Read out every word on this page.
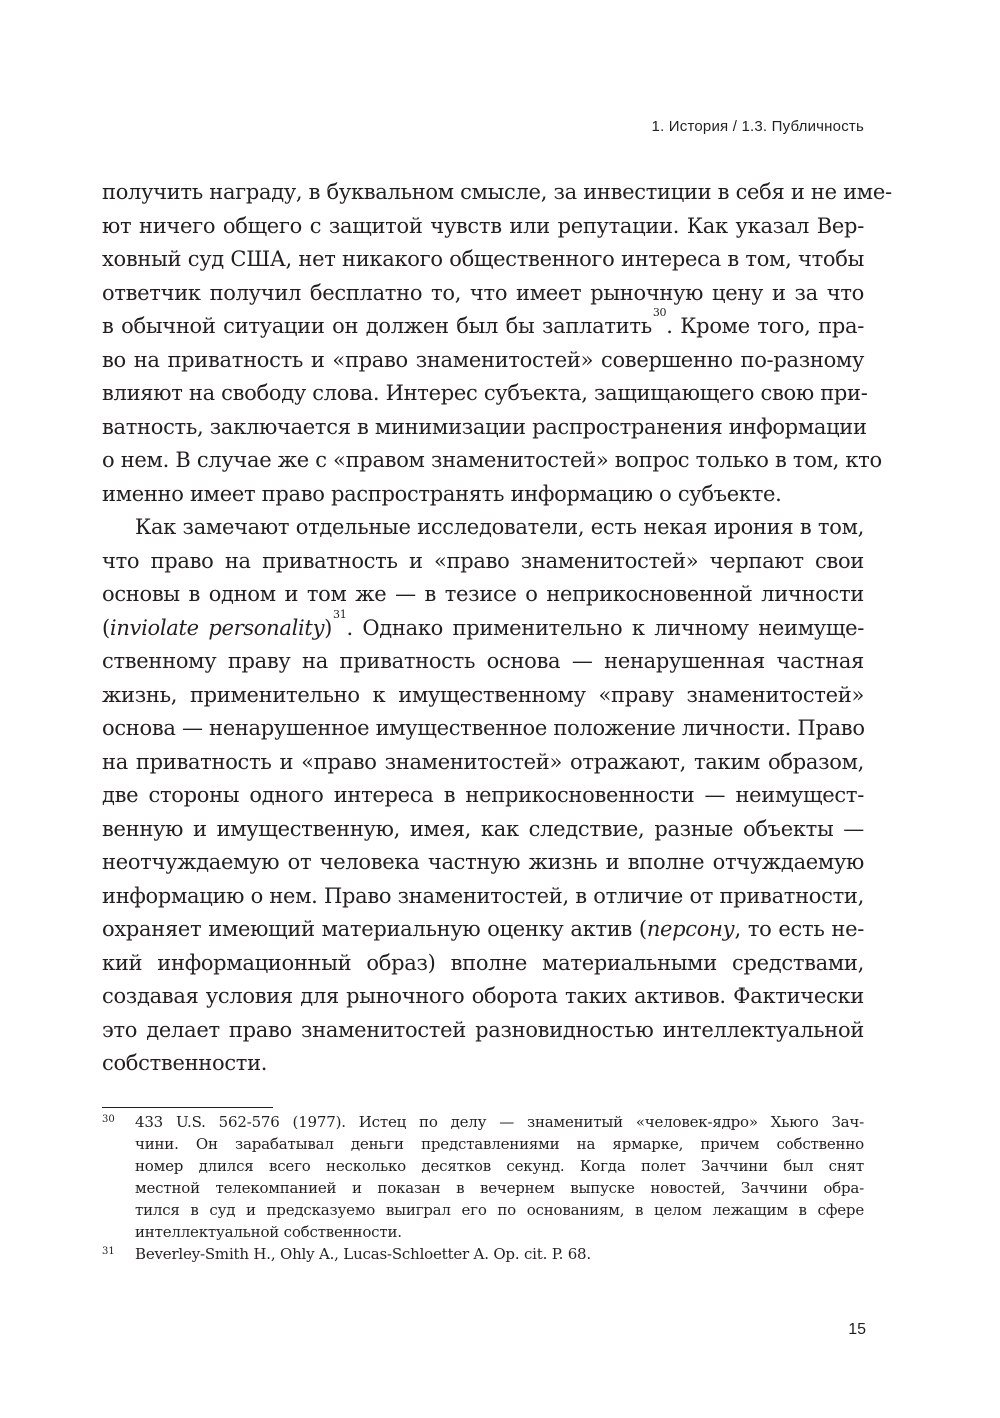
1. История / 1.3. Публичность
получить награду, в буквальном смысле, за инвестиции в себя и не име-
ют ничего общего с защитой чувств или репутации. Как указал Вер-
ховный суд США, нет никакого общественного интереса в том, чтобы
ответчик получил бесплатно то, что имеет рыночную цену и за что
в обычной ситуации он должен был бы заплатить$^{30}$. Кроме того, пра-
во на приватность и «право знаменитостей» совершенно по-разному
влияют на свободу слова. Интерес субъекта, защищающего свою при-
ватность, заключается в минимизации распространения информации
о нем. В случае же с «правом знаменитостей» вопрос только в том, кто
именно имеет право распространять информацию о субъекте.
Как замечают отдельные исследователи, есть некая ирония в том,
что право на приватность и «право знаменитостей» черпают свои
основы в одном и том же — в тезисе о неприкосновенной личности
(inviolate personality)$^{31}$. Однако применительно к личному неимуще-
ственному праву на приватность основа — ненарушенная частная
жизнь, применительно к имущественному «праву знаменитостей»
основа — ненарушенное имущественное положение личности. Право
на приватность и «право знаменитостей» отражают, таким образом,
две стороны одного интереса в неприкосновенности — неимущест-
венную и имущественную, имея, как следствие, разные объекты —
неотчуждаемую от человека частную жизнь и вполне отчуждаемую
информацию о нем. Право знаменитостей, в отличие от приватности,
охраняет имеющий материальную оценку актив (персону, то есть не-
кий информационный образ) вполне материальными средствами,
создавая условия для рыночного оборота таких активов. Фактически
это делает право знаменитостей разновидностью интеллектуальной
собственности.
30 433 U.S. 562-576 (1977). Истец по делу — знаменитый «человек-ядро» Хьюго Зач-
чини. Он зарабатывал деньги представлениями на ярмарке, причем собственно
номер длился всего несколько десятков секунд. Когда полет Заччини был снят
местной телекомпанией и показан в вечернем выпуске новостей, Заччини обра-
тился в суд и предсказуемо выиграл его по основаниям, в целом лежащим в сфере
интеллектуальной собственности.
31 Beverley-Smith H., Ohly A., Lucas-Schloetter A. Op. cit. P. 68.
15
